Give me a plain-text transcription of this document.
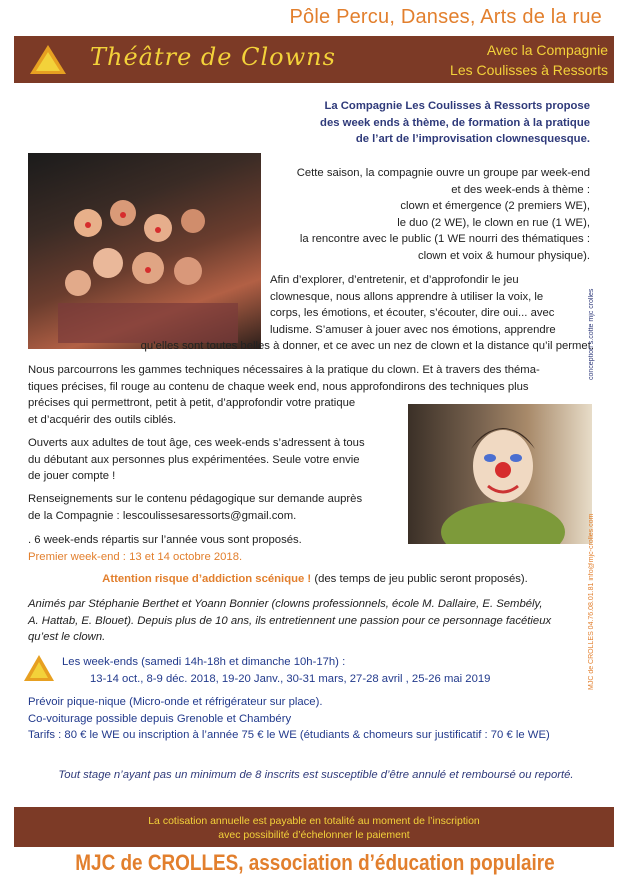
Pôle Percu, Danses, Arts de la rue
Théâtre de Clowns	Avec la Compagnie
Les Coulisses à Ressorts
La Compagnie Les Coulisses à Ressorts propose
des week ends à thème, de formation à la pratique
de l’art de l’improvisation clownesquesque.
Cette saison, la compagnie ouvre un groupe par week-end
et des week-ends à thème :
clown et émergence (2 premiers WE),
le duo (2 WE), le clown en rue (1 WE),
la rencontre avec le public (1 WE nourri des thématiques :
clown et voix & humour physique).
Afin d’explorer, d’entretenir, et d’approfondir le jeu
clownesque, nous allons apprendre à utiliser la voix, le
corps, les émotions, et écouter, s’écouter, dire oui... avec
ludisme. S’amuser à jouer avec nos émotions, apprendre
qu’elles sont toutes belles à donner, et ce avec un nez de clown et la distance qu’il permet.
Nous parcourrons les gammes techniques nécessaires à la pratique du clown. Et à travers des théma-
tiques précises, fil rouge au contenu de chaque week end, nous approfondirons des techniques plus
précises qui permettront, petit à petit, d’approfondir votre pratique
et d’acquérir des outils ciblés.
Ouverts aux adultes de tout âge, ces week-ends s’adressent à tous
du débutant aux personnes plus expérimentées. Seule votre envie
de jouer compte !
Renseignements sur le contenu pédagogique sur demande auprès
de la Compagnie : lescoulissesaressorts@gmail.com.
. 6 week-ends répartis sur l’année vous sont proposés.
Premier week-end : 13 et 14 octobre 2018.
Attention risque d’addiction scénique ! (des temps de jeu public seront proposés).
Animés par Stéphanie Berthet et Yoann Bonnier (clowns professionnels, école M. Dallaire, E. Sembély,
A. Hattab, E. Blouet). Depuis plus de 10 ans, ils entretiennent une passion pour ce personnage facétieux
qu’est le clown.
Les week-ends (samedi 14h-18h et dimanche 10h-17h) :
13-14 oct., 8-9 déc. 2018, 19-20 Janv., 30-31 mars, 27-28 avril , 25-26 mai 2019
Prévoir pique-nique (Micro-onde et réfrigérateur sur place).
Co-voiturage possible depuis Grenoble et Chambéry
Tarifs : 80 € le WE ou inscription à l’année 75 € le WE (étudiants & chomeurs sur justificatif : 70 € le WE)
Tout stage n’ayant pas un minimum de 8 inscrits est susceptible d’être annulé et remboursé ou reporté.
conception s.cotte mjc crolles
MJC de CROLLES 04.76.08.01.81 info@mjc-crolles.com
La cotisation annuelle est payable en totalité au moment de l’inscription
avec possibilité d’échelonner le paiement
MJC de CROLLES, association d’éducation populaire
